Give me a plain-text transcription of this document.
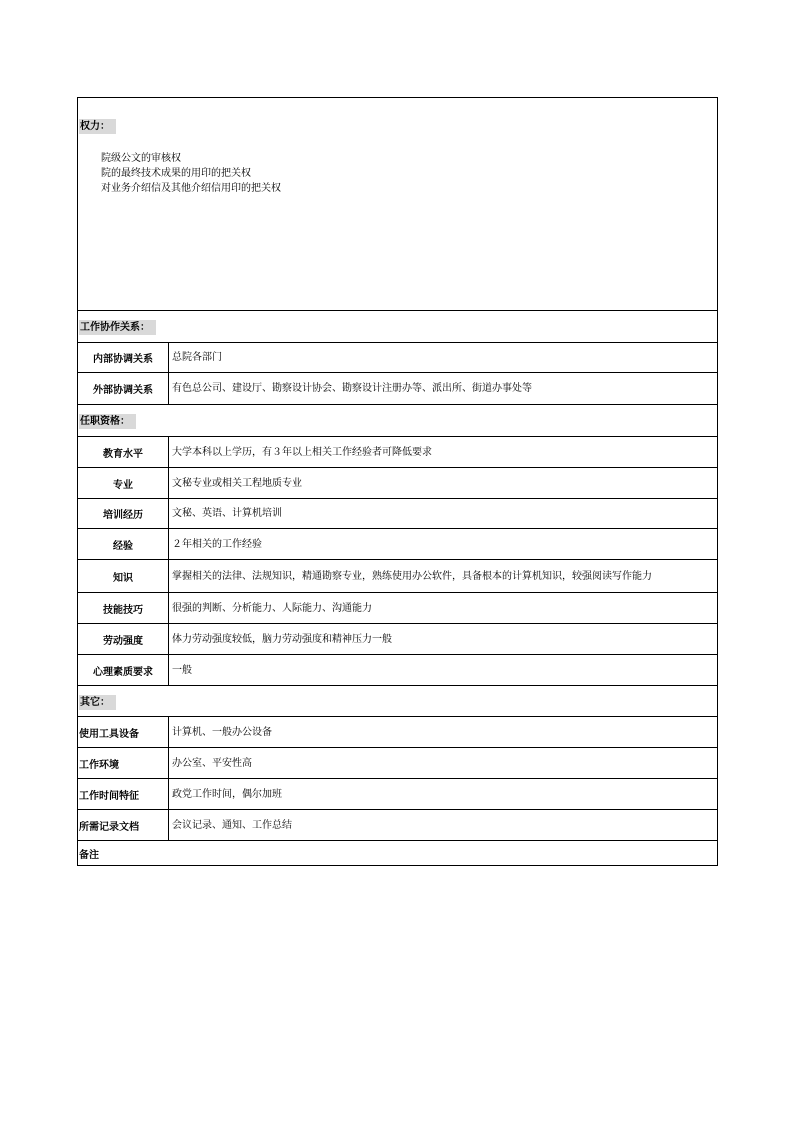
权力：
院级公文的审核权
院的最终技术成果的用印的把关权
对业务介绍信及其他介绍信用印的把关权
工作协作关系：
内部协调关系	总院各部门
外部协调关系	有色总公司、建设厅、勘察设计协会、勘察设计注册办等、派出所、街道办事处等
任职资格：
教育水平	大学本科以上学历，有３年以上相关工作经验者可降低要求
专业	文秘专业或相关工程地质专业
培训经历	文秘、英语、计算机培训
经验	２年相关的工作经验
知识	掌握相关的法律、法规知识，精通勘察专业，熟练使用办公软件，具备根本的计算机知识，较强阅读写作能力
技能技巧	很强的判断、分析能力、人际能力、沟通能力
劳动强度	体力劳动强度较低，脑力劳动强度和精神压力一般
心理素质要求	一般
其它：
使用工具设备	计算机、一般办公设备
工作环境	办公室、平安性高
工作时间特征	政党工作时间，偶尔加班
所需记录文档	会议记录、通知、工作总结
备注
